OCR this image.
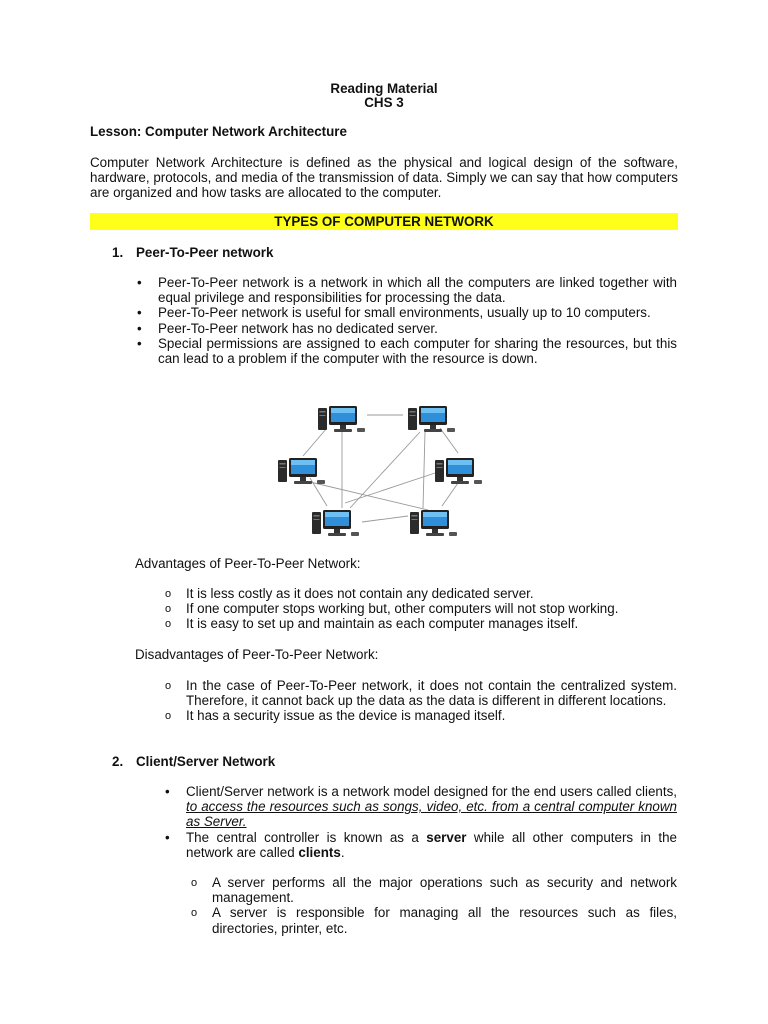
Reading Material
CHS 3
Lesson: Computer Network Architecture
Computer Network Architecture is defined as the physical and logical design of the software, hardware, protocols, and media of the transmission of data. Simply we can say that how computers are organized and how tasks are allocated to the computer.
TYPES OF COMPUTER NETWORK
1. Peer-To-Peer network
• Peer-To-Peer network is a network in which all the computers are linked together with equal privilege and responsibilities for processing the data.
• Peer-To-Peer network is useful for small environments, usually up to 10 computers.
• Peer-To-Peer network has no dedicated server.
• Special permissions are assigned to each computer for sharing the resources, but this can lead to a problem if the computer with the resource is down.
Advantages of Peer-To-Peer Network:
o It is less costly as it does not contain any dedicated server.
o If one computer stops working but, other computers will not stop working.
o It is easy to set up and maintain as each computer manages itself.
Disadvantages of Peer-To-Peer Network:
o In the case of Peer-To-Peer network, it does not contain the centralized system. Therefore, it cannot back up the data as the data is different in different locations.
o It has a security issue as the device is managed itself.
2. Client/Server Network
• Client/Server network is a network model designed for the end users called clients, to access the resources such as songs, video, etc. from a central computer known as Server.
• The central controller is known as a server while all other computers in the network are called clients.
o A server performs all the major operations such as security and network management.
o A server is responsible for managing all the resources such as files, directories, printer, etc.
